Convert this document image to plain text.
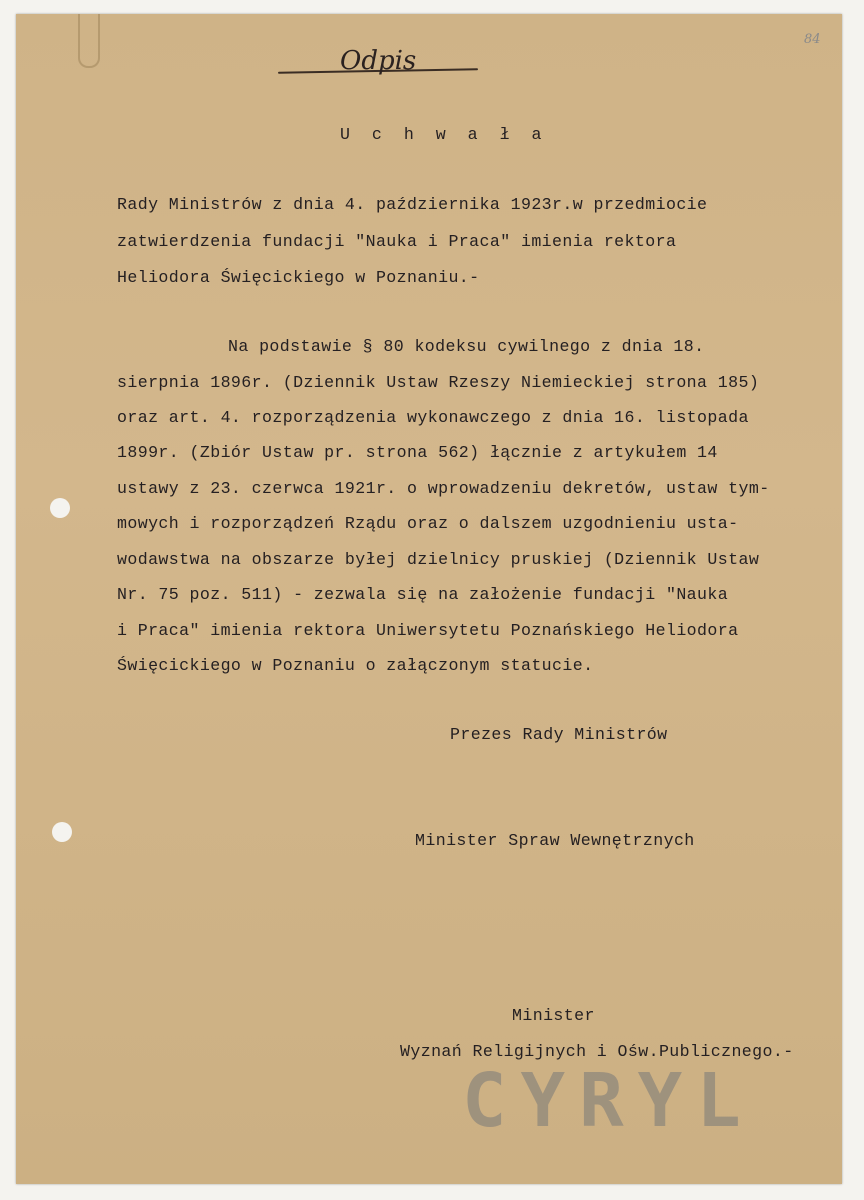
84
Odpis
U c h w a ł a
Rady Ministrów z dnia 4. października 1923r.w przedmiocie
zatwierdzenia fundacji "Nauka i Praca" imienia rektora
Heliodora Święcickiego w Poznaniu.-
Na podstawie § 80 kodeksu cywilnego z dnia 18.
sierpnia 1896r. (Dziennik Ustaw Rzeszy Niemieckiej strona 185)
oraz art. 4. rozporządzenia wykonawczego z dnia 16. listopada
1899r. (Zbiór Ustaw pr. strona 562) łącznie z artykułem 14
ustawy z 23. czerwca 1921r. o wprowadzeniu dekretów, ustaw tym-
mowych i rozporządzeń Rządu oraz o dalszem uzgodnieniu usta-
wodawstwa na obszarze byłej dzielnicy pruskiej (Dziennik Ustaw
Nr. 75 poz. 511) - zezwala się na założenie fundacji "Nauka
i Praca" imienia rektora Uniwersytetu Poznańskiego Heliodora
Święcickiego w Poznaniu o załączonym statucie.
Prezes Rady Ministrów
Minister Spraw Wewnętrznych
Minister
Wyznań Religijnych i Ośw.Publicznego.-
CYRYL
